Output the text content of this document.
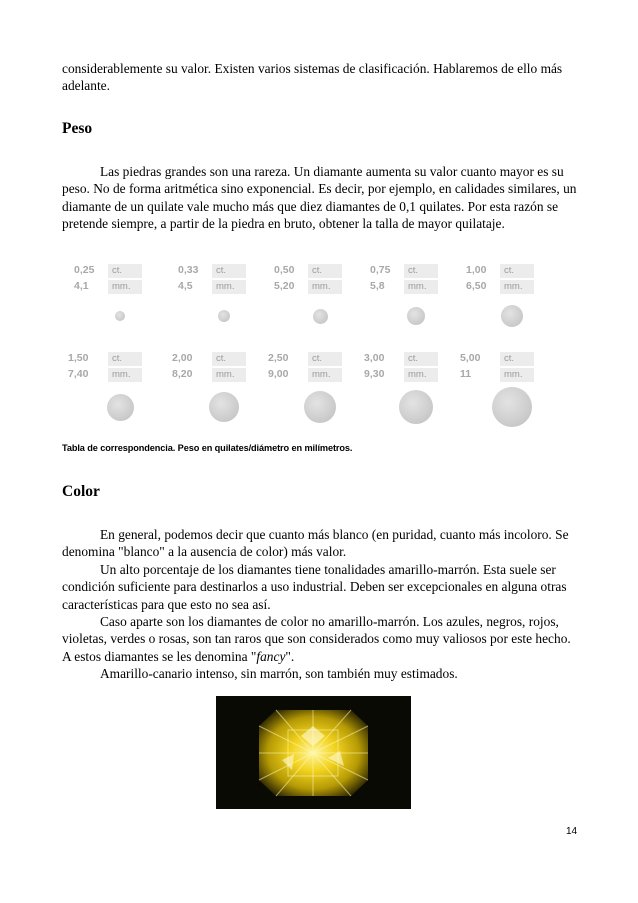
considerablemente su valor. Existen varios sistemas de clasificación. Hablaremos de ello más adelante.

Peso

Las piedras grandes son una rareza. Un diamante aumenta su valor cuanto mayor es su peso. No de forma aritmética sino exponencial. Es decir, por ejemplo, en calidades similares, un diamante de un quilate vale mucho más que diez diamantes de 0,1 quilates. Por esta razón se pretende siempre, a partir de la piedra en bruto, obtener la talla de mayor quilataje.

0,25
4,1
ct.
mm.
0,33
4,5
ct.
mm.
0,50
5,20
ct.
mm.
0,75
5,8
ct.
mm.
1,00
6,50
ct.
mm.
1,50
7,40
ct.
mm.
2,00
8,20
ct.
mm.
2,50
9,00
ct.
mm.
3,00
9,30
ct.
mm.
5,00
11
ct.
mm.
Tabla de correspondencia. Peso en quilates/diámetro en milímetros.
Color

En general, podemos decir que cuanto más blanco (en puridad, cuanto más incoloro. Se denomina "blanco" a la ausencia de color) más valor.

Un alto porcentaje de los diamantes tiene tonalidades amarillo-marrón. Esta suele ser condición suficiente para destinarlos a uso industrial. Deben ser excepcionales en alguna otras características para que esto no sea así.

Caso aparte son los diamantes de color no amarillo-marrón. Los azules, negros, rojos, violetas, verdes o rosas, son tan raros que son considerados como muy valiosos por este hecho. A estos diamantes se les denomina "fancy".

Amarillo-canario intenso, sin marrón, son también muy estimados.

14
